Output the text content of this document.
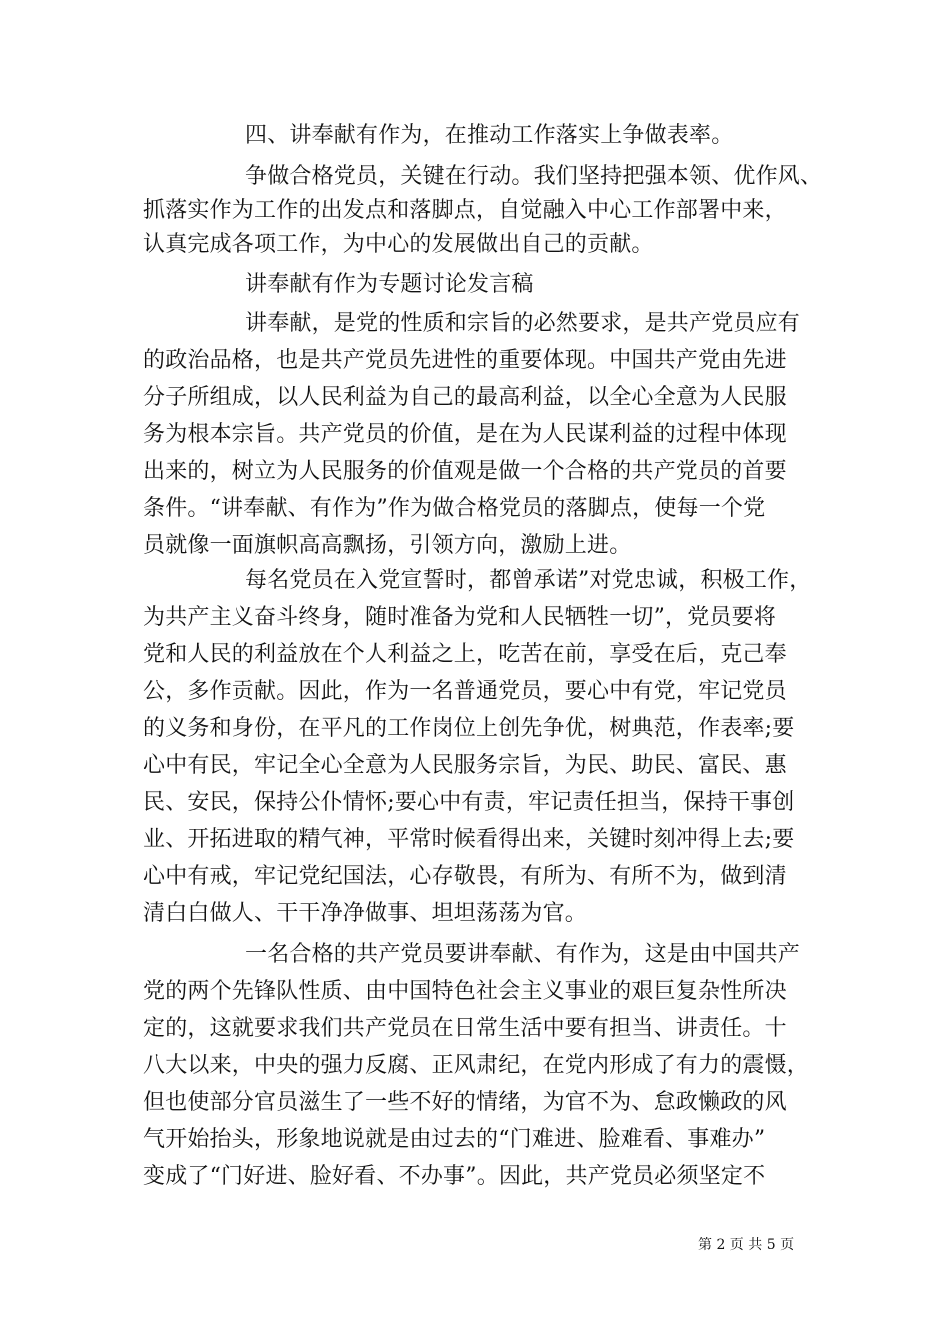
四、讲奉献有作为，在推动工作落实上争做表率。
争做合格党员，关键在行动。我们坚持把强本领、优作风、
抓落实作为工作的出发点和落脚点，自觉融入中心工作部署中来，
认真完成各项工作，为中心的发展做出自己的贡献。
讲奉献有作为专题讨论发言稿
讲奉献，是党的性质和宗旨的必然要求，是共产党员应有
的政治品格，也是共产党员先进性的重要体现。中国共产党由先进
分子所组成，以人民利益为自己的最高利益，以全心全意为人民服
务为根本宗旨。共产党员的价值，是在为人民谋利益的过程中体现
出来的，树立为人民服务的价值观是做一个合格的共产党员的首要
条件。“讲奉献、有作为”作为做合格党员的落脚点，使每一个党
员就像一面旗帜高高飘扬，引领方向，激励上进。
每名党员在入党宣誓时，都曾承诺”对党忠诚，积极工作，
为共产主义奋斗终身，随时准备为党和人民牺牲一切”，党员要将
党和人民的利益放在个人利益之上，吃苦在前，享受在后，克己奉
公，多作贡献。因此，作为一名普通党员，要心中有党，牢记党员
的义务和身份，在平凡的工作岗位上创先争优，树典范，作表率;要
心中有民，牢记全心全意为人民服务宗旨，为民、助民、富民、惠
民、安民，保持公仆情怀;要心中有责，牢记责任担当，保持干事创
业、开拓进取的精气神，平常时候看得出来，关键时刻冲得上去;要
心中有戒，牢记党纪国法，心存敬畏，有所为、有所不为，做到清
清白白做人、干干净净做事、坦坦荡荡为官。
一名合格的共产党员要讲奉献、有作为，这是由中国共产
党的两个先锋队性质、由中国特色社会主义事业的艰巨复杂性所决
定的，这就要求我们共产党员在日常生活中要有担当、讲责任。十
八大以来，中央的强力反腐、正风肃纪，在党内形成了有力的震慑，
但也使部分官员滋生了一些不好的情绪，为官不为、怠政懒政的风
气开始抬头，形象地说就是由过去的“门难进、脸难看、事难办”
变成了“门好进、脸好看、不办事”。因此，共产党员必须坚定不
第 2 页 共 5 页
